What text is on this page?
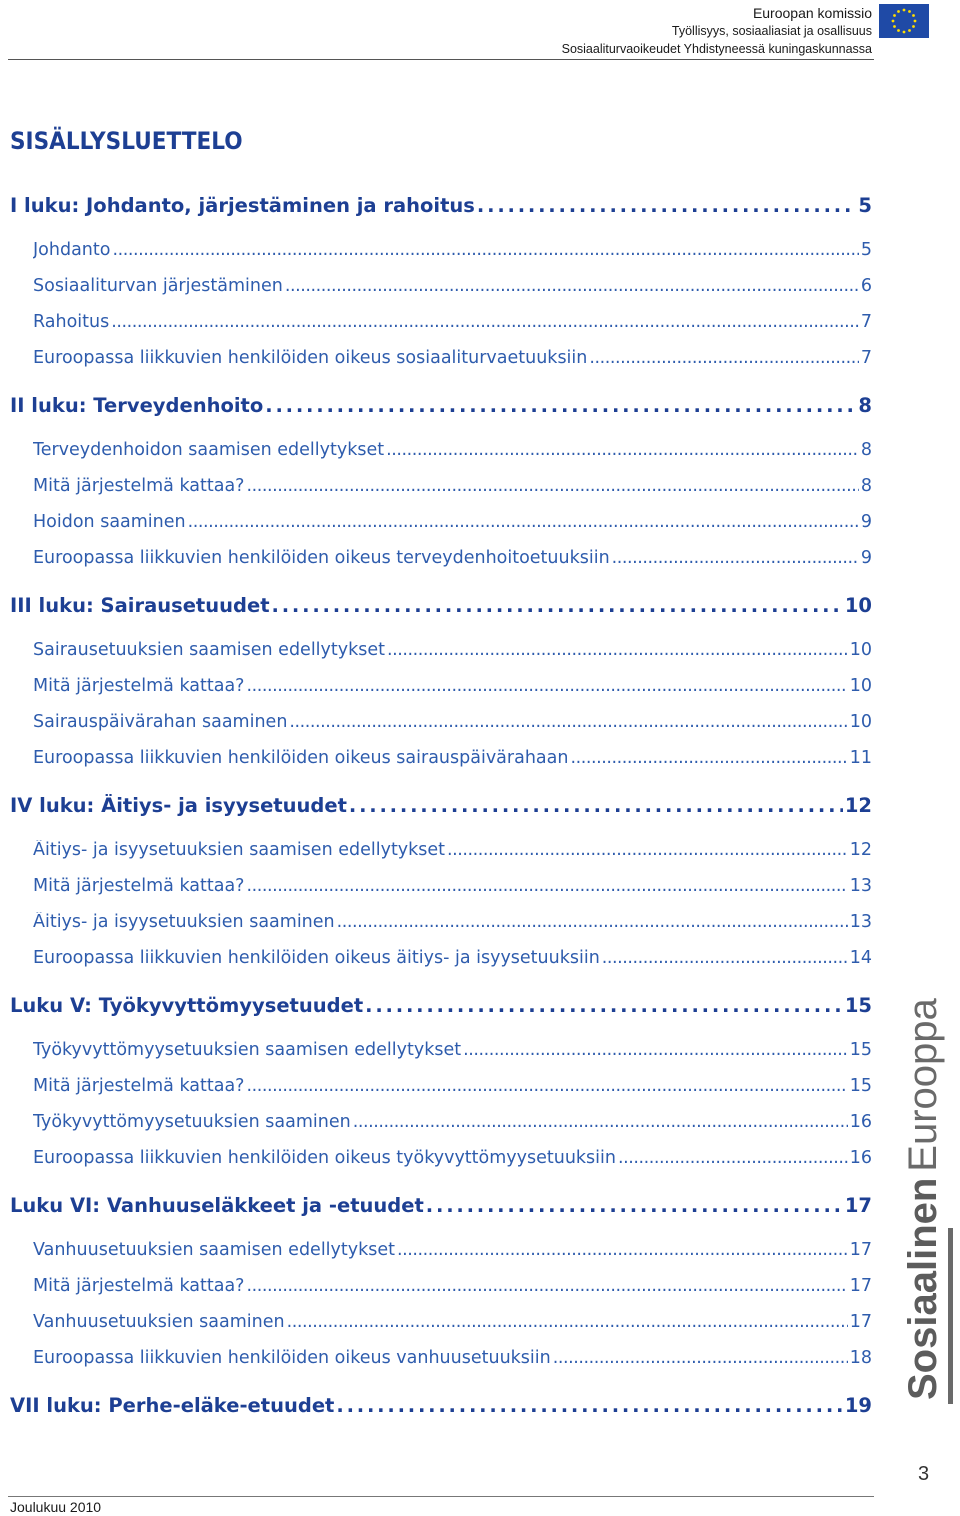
Euroopan komissio
Työllisyys, sosiaaliasiat ja osallisuus
Sosiaaliturvaoikeudet Yhdistyneessä kuningaskunnassa
SISÄLLYSLUETTELO
I luku: Johdanto, järjestäminen ja rahoitus . . .	5
Johdanto . . .	5
Sosiaaliturvan järjestäminen . . .	6
Rahoitus . . .	7
Euroopassa liikkuvien henkilöiden oikeus sosiaaliturvaetuuksiin . . .	7
II luku: Terveydenhoito . . .	8
Terveydenhoidon saamisen edellytykset . . .	8
Mitä järjestelmä kattaa? . . .	8
Hoidon saaminen . . .	9
Euroopassa liikkuvien henkilöiden oikeus terveydenhoitoetuuksiin . . .	9
III luku: Sairausetuudet . . .	10
Sairausetuuksien saamisen edellytykset . . .	10
Mitä järjestelmä kattaa? . . .	10
Sairauspäivärahan saaminen . . .	10
Euroopassa liikkuvien henkilöiden oikeus sairauspäivärahaan . . .	11
IV luku: Äitiys- ja isyysetuudet . . .	12
Äitiys- ja isyysetuuksien saamisen edellytykset . . .	12
Mitä järjestelmä kattaa? . . .	13
Äitiys- ja isyysetuuksien saaminen . . .	13
Euroopassa liikkuvien henkilöiden oikeus äitiys- ja isyysetuuksiin . . .	14
Luku V: Työkyvyttömyysetuudet . . .	15
Työkyvyttömyysetuuksien saamisen edellytykset . . .	15
Mitä järjestelmä kattaa? . . .	15
Työkyvyttömyysetuuksien saaminen . . .	16
Euroopassa liikkuvien henkilöiden oikeus työkyvyttömyysetuuksiin . . .	16
Luku VI: Vanhuuseläkkeet ja -etuudet . . .	17
Vanhuusetuuksien saamisen edellytykset . . .	17
Mitä järjestelmä kattaa? . . .	17
Vanhuusetuuksien saaminen . . .	17
Euroopassa liikkuvien henkilöiden oikeus vanhuusetuuksiin . . .	18
VII luku: Perhe-eläke-etuudet . . .	19
Sosiaalinen
Eurooppa
3
Joulukuu 2010
